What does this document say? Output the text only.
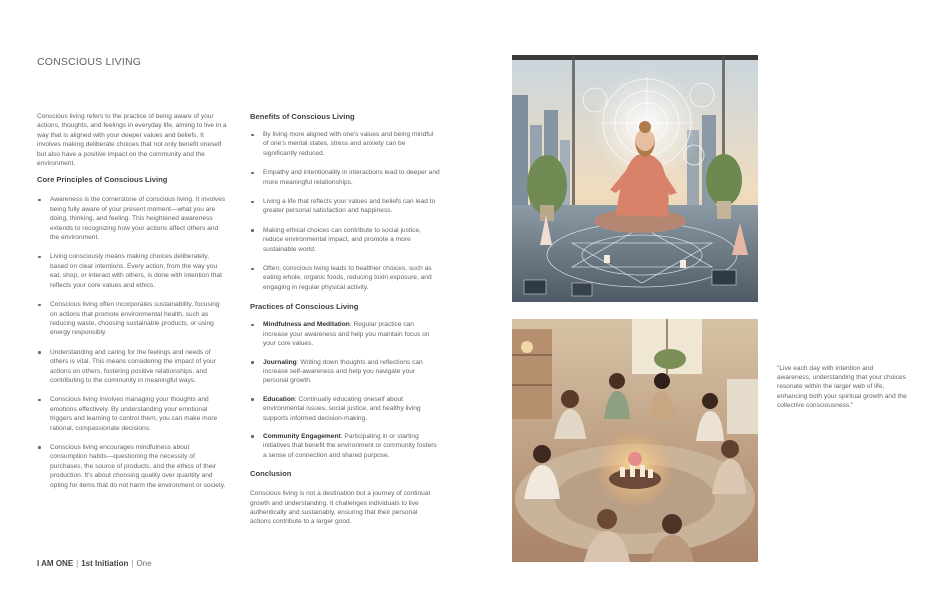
CONSCIOUS LIVING

Conscious living refers to the practice of being aware of your actions, thoughts, and feelings in everyday life, aiming to live in a way that is aligned with your deeper values and beliefs. It involves making deliberate choices that not only benefit oneself but also have a positive impact on the community and the environment.

Core Principles of Conscious Living
Awareness is the cornerstone of conscious living. It involves being fully aware of your present moment—what you are doing, thinking, and feeling. This heightened awareness extends to recognizing how your actions affect others and the environment.
Living consciously means making choices deliberately, based on clear intentions. Every action, from the way you eat, shop, or interact with others, is done with intention that reflects your core values and ethics.
Conscious living often incorporates sustainability, focusing on actions that promote environmental health, such as reducing waste, choosing sustainable products, or using energy responsibly.
Understanding and caring for the feelings and needs of others is vital. This means considering the impact of your actions on others, fostering positive relationships, and contributing to the community in meaningful ways.
Conscious living involves managing your thoughts and emotions effectively. By understanding your emotional triggers and learning to control them, you can make more rational, compassionate decisions.
Conscious living encourages mindfulness about consumption habits—questioning the necessity of purchases, the source of products, and the ethics of their production. It's about choosing quality over quantity and opting for items that do not harm the environment or society.
Benefits of Conscious Living
By living more aligned with one's values and being mindful of one's mental states, stress and anxiety can be significantly reduced.
Empathy and intentionality in interactions lead to deeper and more meaningful relationships.
Living a life that reflects your values and beliefs can lead to greater personal satisfaction and happiness.
Making ethical choices can contribute to social justice, reduce environmental impact, and promote a more sustainable world.
Often, conscious living leads to healthier choices, such as eating whole, organic foods, reducing toxin exposure, and engaging in regular physical activity.
Practices of Conscious Living
Mindfulness and Meditation: Regular practice can increase your awareness and help you maintain focus on your core values.
Journaling: Writing down thoughts and reflections can increase self-awareness and help you navigate your personal growth.
Education: Continually educating oneself about environmental issues, social justice, and healthy living supports informed decision-making.
Community Engagement: Participating in or starting initiatives that benefit the environment or community fosters a sense of connection and shared purpose.
Conclusion

Conscious living is not a destination but a journey of continual growth and understanding. It challenges individuals to live authentically and sustainably, ensuring that their personal actions contribute to a larger good.

"Live each day with intention and awareness, understanding that your choices resonate within the larger web of life, enhancing both your spiritual growth and the collective consciousness."
I AM ONE | 1st Initiation | One
